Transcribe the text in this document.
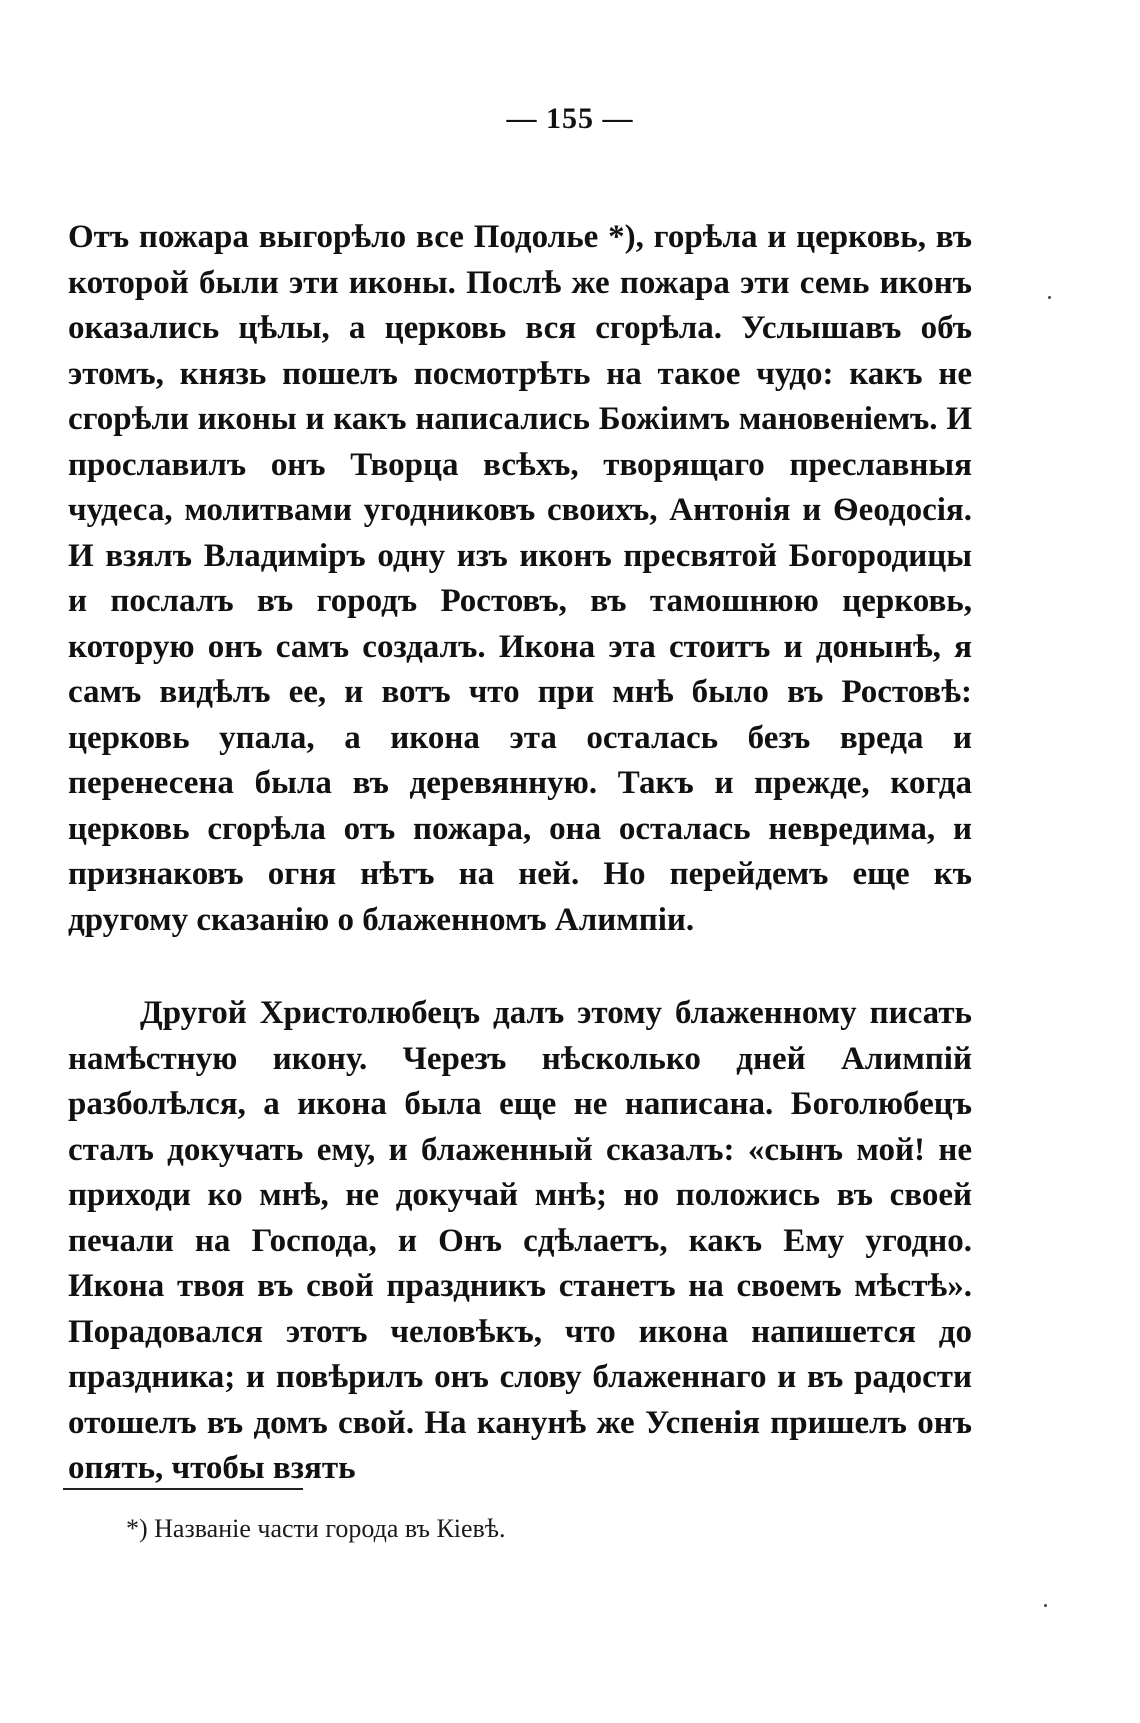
— 155 —

Отъ пожара выгорѣло все Подолье *), горѣла и церковь, въ которой были эти иконы. Послѣ же пожара эти семь иконъ оказались цѣлы, а церковь вся сгорѣла. Услышавъ объ этомъ, князь пошелъ посмотрѣть на такое чудо: какъ не сгорѣли иконы и какъ написались Божіимъ мановеніемъ. И прославилъ онъ Творца всѣхъ, творящаго преславныя чудеса, молитвами угодниковъ своихъ, Антонія и Ѳеодосія. И взялъ Владиміръ одну изъ иконъ пресвятой Богородицы и послалъ въ городъ Ростовъ, въ тамошнюю церковь, которую онъ самъ создалъ. Икона эта стоитъ и донынѣ, я самъ видѣлъ ее, и вотъ что при мнѣ было въ Ростовѣ: церковь упала, а икона эта осталась безъ вреда и перенесена была въ деревянную. Такъ и прежде, когда церковь сгорѣла отъ пожара, она осталась невредима, и признаковъ огня нѣтъ на ней. Но перейдемъ еще къ другому сказанію о блаженномъ Алимпіи.

Другой Христолюбецъ далъ этому блаженному писать намѣстную икону. Черезъ нѣсколько дней Алимпій разболѣлся, а икона была еще не написана. Боголюбецъ сталъ докучать ему, и блаженный сказалъ: «сынъ мой! не приходи ко мнѣ, не докучай мнѣ; но положись въ своей печали на Господа, и Онъ сдѣлаетъ, какъ Ему угодно. Икона твоя въ свой праздникъ станетъ на своемъ мѣстѣ». Порадовался этотъ человѣкъ, что икона напишется до праздника; и повѣрилъ онъ слову блаженнаго и въ радости отошелъ въ домъ свой. На канунѣ же Успенія пришелъ онъ опять, чтобы взять

*) Названіе части города въ Кіевѣ.
